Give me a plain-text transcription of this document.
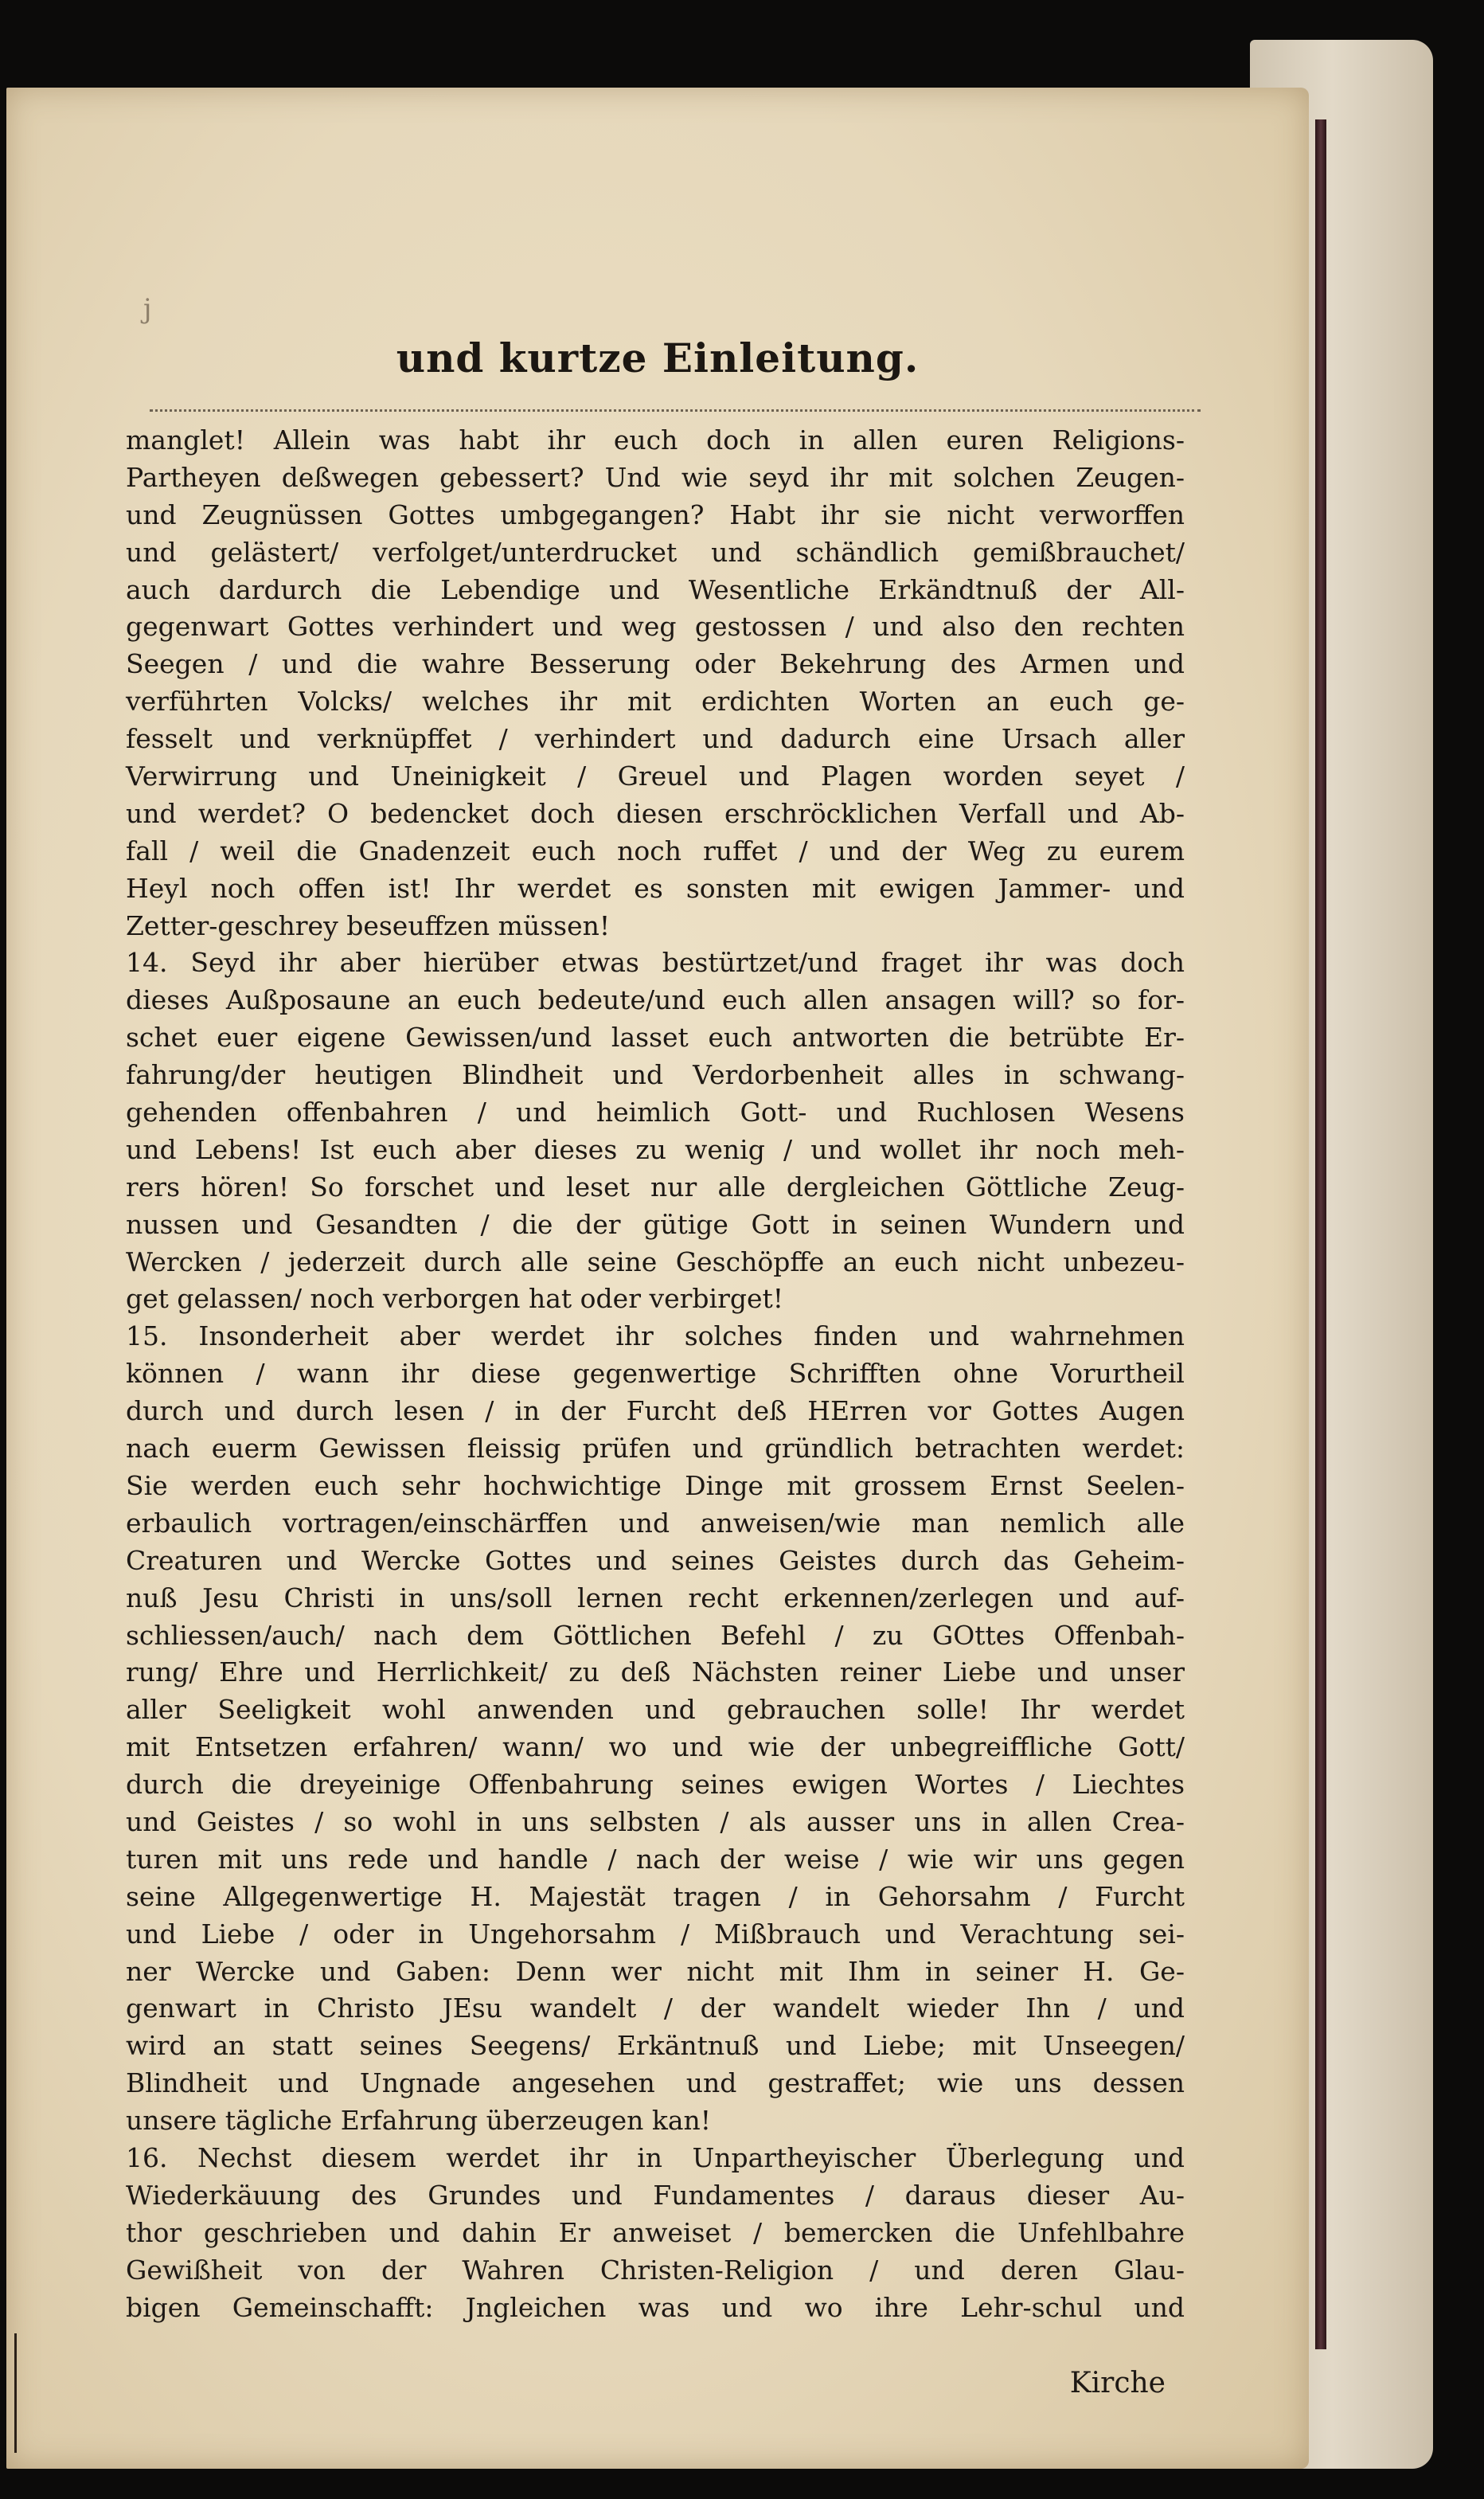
j
und kurtze Einleitung.
manglet! Allein was habt ihr euch doch in allen euren Religions-
Partheyen deßwegen gebessert? Und wie seyd ihr mit solchen Zeugen-
und Zeugnüssen Gottes umbgegangen? Habt ihr sie nicht verworffen
und gelästert/ verfolget/unterdrucket und schändlich gemißbrauchet/
auch dardurch die Lebendige und Wesentliche Erkändtnuß der All-
gegenwart Gottes verhindert und weg gestossen / und also den rechten
Seegen / und die wahre Besserung oder Bekehrung des Armen und
verführten Volcks/ welches ihr mit erdichten Worten an euch ge-
fesselt und verknüpffet / verhindert und dadurch eine Ursach aller
Verwirrung und Uneinigkeit / Greuel und Plagen worden seyet /
und werdet? O bedencket doch diesen erschröcklichen Verfall und Ab-
fall / weil die Gnadenzeit euch noch ruffet / und der Weg zu eurem
Heyl noch offen ist! Ihr werdet es sonsten mit ewigen Jammer- und
Zetter-geschrey beseuffzen müssen!
14. Seyd ihr aber hierüber etwas bestürtzet/und fraget ihr was doch
dieses Außposaune an euch bedeute/und euch allen ansagen will? so for-
schet euer eigene Gewissen/und lasset euch antworten die betrübte Er-
fahrung/der heutigen Blindheit und Verdorbenheit alles in schwang-
gehenden offenbahren / und heimlich Gott- und Ruchlosen Wesens
und Lebens! Ist euch aber dieses zu wenig / und wollet ihr noch meh-
rers hören! So forschet und leset nur alle dergleichen Göttliche Zeug-
nussen und Gesandten / die der gütige Gott in seinen Wundern und
Wercken / jederzeit durch alle seine Geschöpffe an euch nicht unbezeu-
get gelassen/ noch verborgen hat oder verbirget!
15. Insonderheit aber werdet ihr solches finden und wahrnehmen
können / wann ihr diese gegenwertige Schrifften ohne Vorurtheil
durch und durch lesen / in der Furcht deß HErren vor Gottes Augen
nach euerm Gewissen fleissig prüfen und gründlich betrachten werdet:
Sie werden euch sehr hochwichtige Dinge mit grossem Ernst Seelen-
erbaulich vortragen/einschärffen und anweisen/wie man nemlich alle
Creaturen und Wercke Gottes und seines Geistes durch das Geheim-
nuß Jesu Christi in uns/soll lernen recht erkennen/zerlegen und auf-
schliessen/auch/ nach dem Göttlichen Befehl / zu GOttes Offenbah-
rung/ Ehre und Herrlichkeit/ zu deß Nächsten reiner Liebe und unser
aller Seeligkeit wohl anwenden und gebrauchen solle! Ihr werdet
mit Entsetzen erfahren/ wann/ wo und wie der unbegreiffliche Gott/
durch die dreyeinige Offenbahrung seines ewigen Wortes / Liechtes
und Geistes / so wohl in uns selbsten / als ausser uns in allen Crea-
turen mit uns rede und handle / nach der weise / wie wir uns gegen
seine Allgegenwertige H. Majestät tragen / in Gehorsahm / Furcht
und Liebe / oder in Ungehorsahm / Mißbrauch und Verachtung sei-
ner Wercke und Gaben: Denn wer nicht mit Ihm in seiner H. Ge-
genwart in Christo JEsu wandelt / der wandelt wieder Ihn / und
wird an statt seines Seegens/ Erkäntnuß und Liebe; mit Unseegen/
Blindheit und Ungnade angesehen und gestraffet; wie uns dessen
unsere tägliche Erfahrung überzeugen kan!
16. Nechst diesem werdet ihr in Unpartheyischer Überlegung und
Wiederkäuung des Grundes und Fundamentes / daraus dieser Au-
thor geschrieben und dahin Er anweiset / bemercken die Unfehlbahre
Gewißheit von der Wahren Christen-Religion / und deren Glau-
bigen Gemeinschafft: Jngleichen was und wo ihre Lehr-schul und
Kirche
